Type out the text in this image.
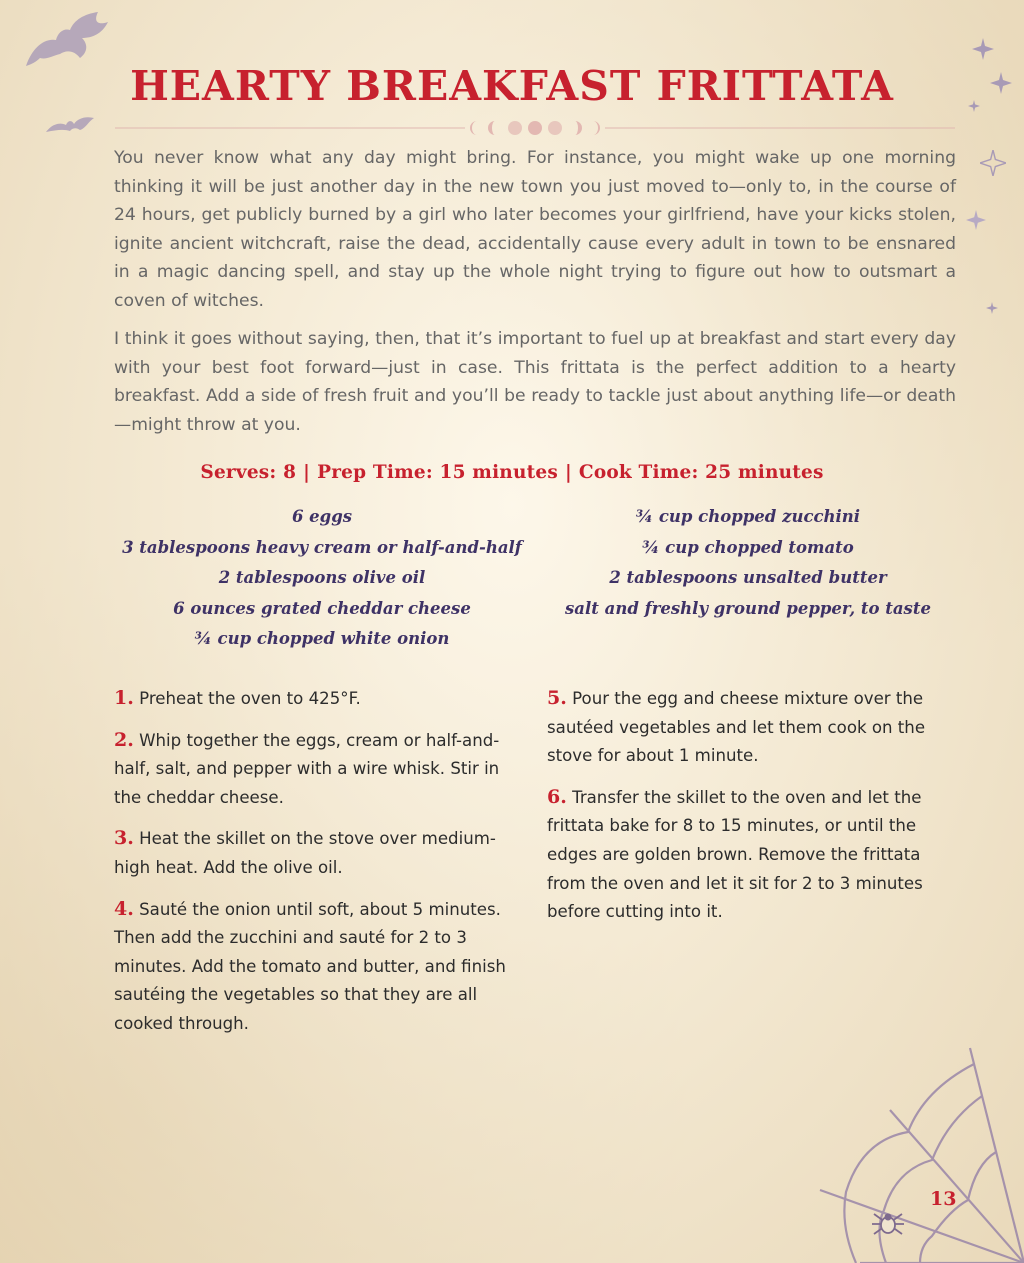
HEARTY BREAKFAST FRITTATA

You never know what any day might bring. For instance, you might wake up one morning thinking it will be just another day in the new town you just moved to—only to, in the course of 24 hours, get publicly burned by a girl who later becomes your girlfriend, have your kicks stolen, ignite ancient witchcraft, raise the dead, accidentally cause every adult in town to be ensnared in a magic dancing spell, and stay up the whole night trying to figure out how to outsmart a coven of witches.

I think it goes without saying, then, that it’s important to fuel up at breakfast and start every day with your best foot forward—just in case. This frittata is the perfect addition to a hearty breakfast. Add a side of fresh fruit and you’ll be ready to tackle just about anything life—or death—might throw at you.

Serves: 8 | Prep Time: 15 minutes | Cook Time: 25 minutes
6 eggs
3 tablespoons heavy cream or half-and-half
2 tablespoons olive oil
6 ounces grated cheddar cheese
¾ cup chopped white onion
¾ cup chopped zucchini
¾ cup chopped tomato
2 tablespoons unsalted butter
salt and freshly ground pepper, to taste
1. Preheat the oven to 425°F.
2. Whip together the eggs, cream or half-and-half, salt, and pepper with a wire whisk. Stir in the cheddar cheese.
3. Heat the skillet on the stove over medium-high heat. Add the olive oil.
4. Sauté the onion until soft, about 5 minutes. Then add the zucchini and sauté for 2 to 3 minutes. Add the tomato and butter, and finish sautéing the vegetables so that they are all cooked through.
5. Pour the egg and cheese mixture over the sautéed vegetables and let them cook on the stove for about 1 minute.
6. Transfer the skillet to the oven and let the frittata bake for 8 to 15 minutes, or until the edges are golden brown. Remove the frittata from the oven and let it sit for 2 to 3 minutes before cutting into it.
13
